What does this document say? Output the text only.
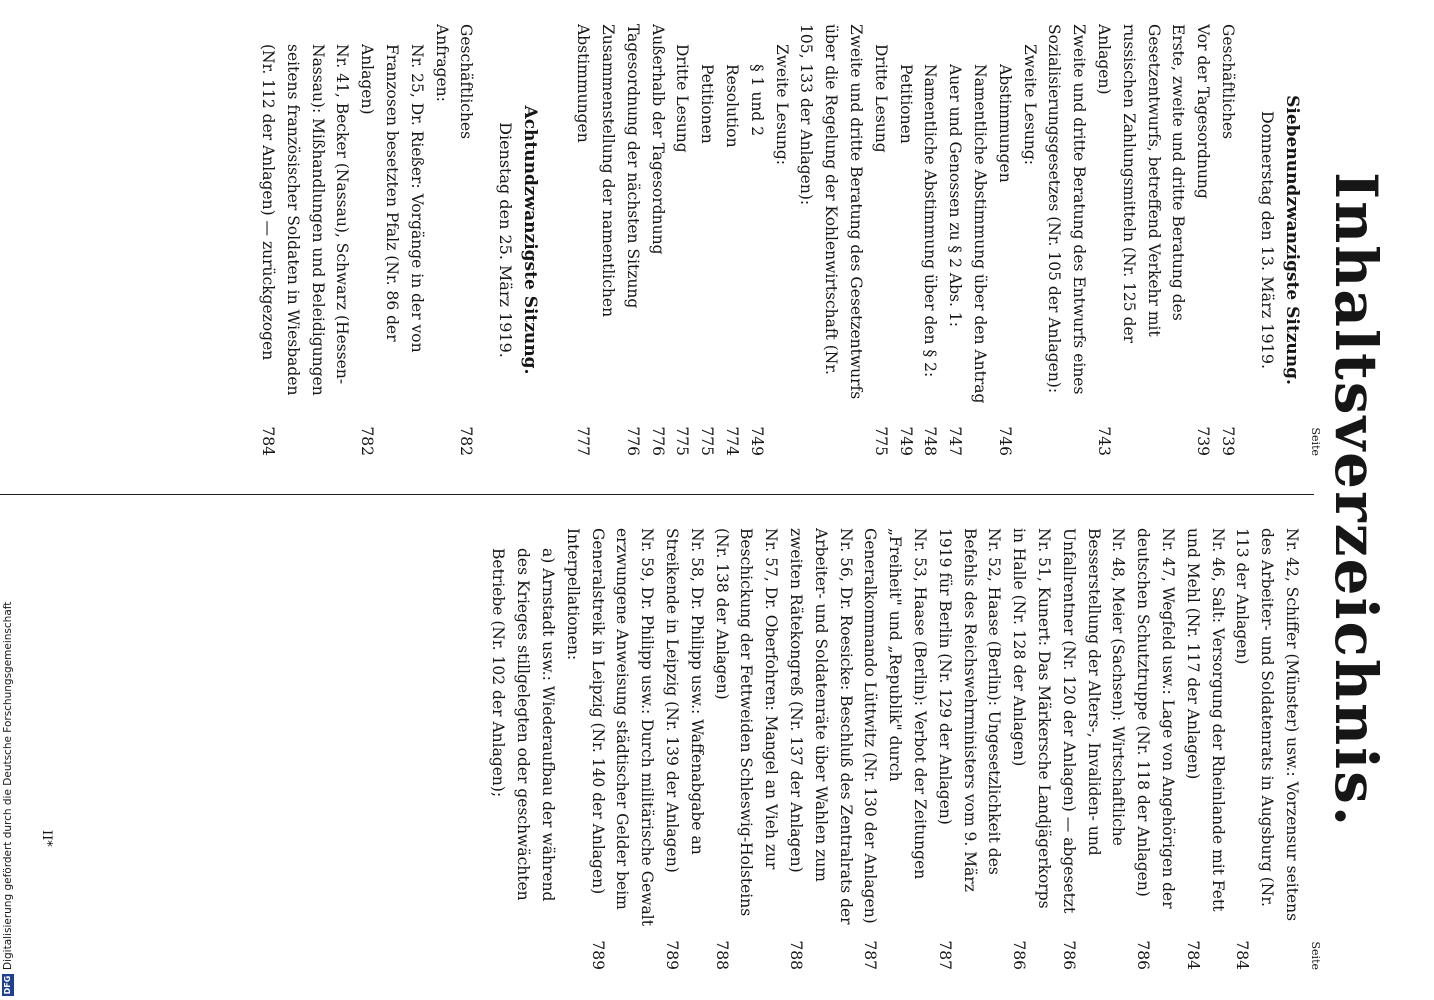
Inhaltsverzeichnis.
Seite
Siebenundzwanzigste Sitzung.
Donnerstag den 13. März 1919.
Geschäftliches
739
Vor der Tagesordnung
739
Erste, zweite und dritte Beratung des Gesetzentwurfs, betreffend Verkehr mit russischen Zahlungsmitteln (Nr. 125 der Anlagen)
743
Zweite und dritte Beratung des Entwurfs eines Sozialisierungsgesetzes (Nr. 105 der Anlagen):
Zweite Lesung:
Abstimmungen
746
Namentliche Abstimmung über den Antrag Auer und Genossen zu § 2 Abs. 1:
747
Namentliche Abstimmung über den § 2:
748
Petitionen
749
Dritte Lesung
775
Zweite und dritte Beratung des Gesetzentwurfs über die Regelung der Kohlenwirtschaft (Nr. 105, 133 der Anlagen):
Zweite Lesung:
§ 1 und 2
749
Resolution
774
Petitionen
775
Dritte Lesung
775
Außerhalb der Tagesordnung
776
Tagesordnung der nächsten Sitzung
776
Zusammenstellung der namentlichen Abstimmungen
777
Achtundzwanzigste Sitzung.
Dienstag den 25. März 1919.
Geschäftliches
782
Anfragen:
Nr. 25, Dr. Rießer: Vorgänge in der von Franzosen besetzten Pfalz (Nr. 86 der Anlagen)
782
Nr. 41, Becker (Nassau), Schwarz (Hessen-Nassau): Mißhandlungen und Beleidigungen seitens französischer Soldaten in Wiesbaden (Nr. 112 der Anlagen) — zurückgezogen
784
Seite
Nr. 42, Schiffer (Münster) usw.: Vorzensur seitens des Arbeiter- und Soldatenrats in Augsburg (Nr. 113 der Anlagen)
784
Nr. 46, Salt: Versorgung der Rheinlande mit Fett und Mehl (Nr. 117 der Anlagen)
784
Nr. 47, Wegfeld usw.: Lage von Angehörigen der deutschen Schutztruppe (Nr. 118 der Anlagen)
786
Nr. 48, Meier (Sachsen): Wirtschaftliche Besserstellung der Alters-, Invaliden- und Unfallrentner (Nr. 120 der Anlagen) — abgesetzt
786
Nr. 51, Kunert: Das Märkersche Landjägerkorps in Halle (Nr. 128 der Anlagen)
786
Nr. 52, Haase (Berlin): Ungesetzlichkeit des Befehls des Reichswehrministers vom 9. März 1919 für Berlin (Nr. 129 der Anlagen)
787
Nr. 53, Haase (Berlin): Verbot der Zeitungen „Freiheit" und „Republik" durch Generalkommando Lüttwitz (Nr. 130 der Anlagen)
787
Nr. 56, Dr. Roesicke: Beschluß des Zentralrats der Arbeiter- und Soldatenräte über Wahlen zum zweiten Rätekongreß (Nr. 137 der Anlagen)
788
Nr. 57, Dr. Oberfohren: Mangel an Vieh zur Beschickung der Fettweiden Schleswig-Holsteins (Nr. 138 der Anlagen)
788
Nr. 58, Dr. Philipp usw.: Waffenabgabe an Streikende in Leipzig (Nr. 139 der Anlagen)
789
Nr. 59, Dr. Philipp usw.: Durch militärische Gewalt erzwungene Anweisung städtischer Gelder beim Generalstreik in Leipzig (Nr. 140 der Anlagen)
789
Interpellationen:
a) Arnstadt usw.: Wiederaufbau der während des Krieges stillgelegten oder geschwächten Betriebe (Nr. 102 der Anlagen);
II*
DFG
Digitalisierung gefördert durch die Deutsche Forschungsgemeinschaft
